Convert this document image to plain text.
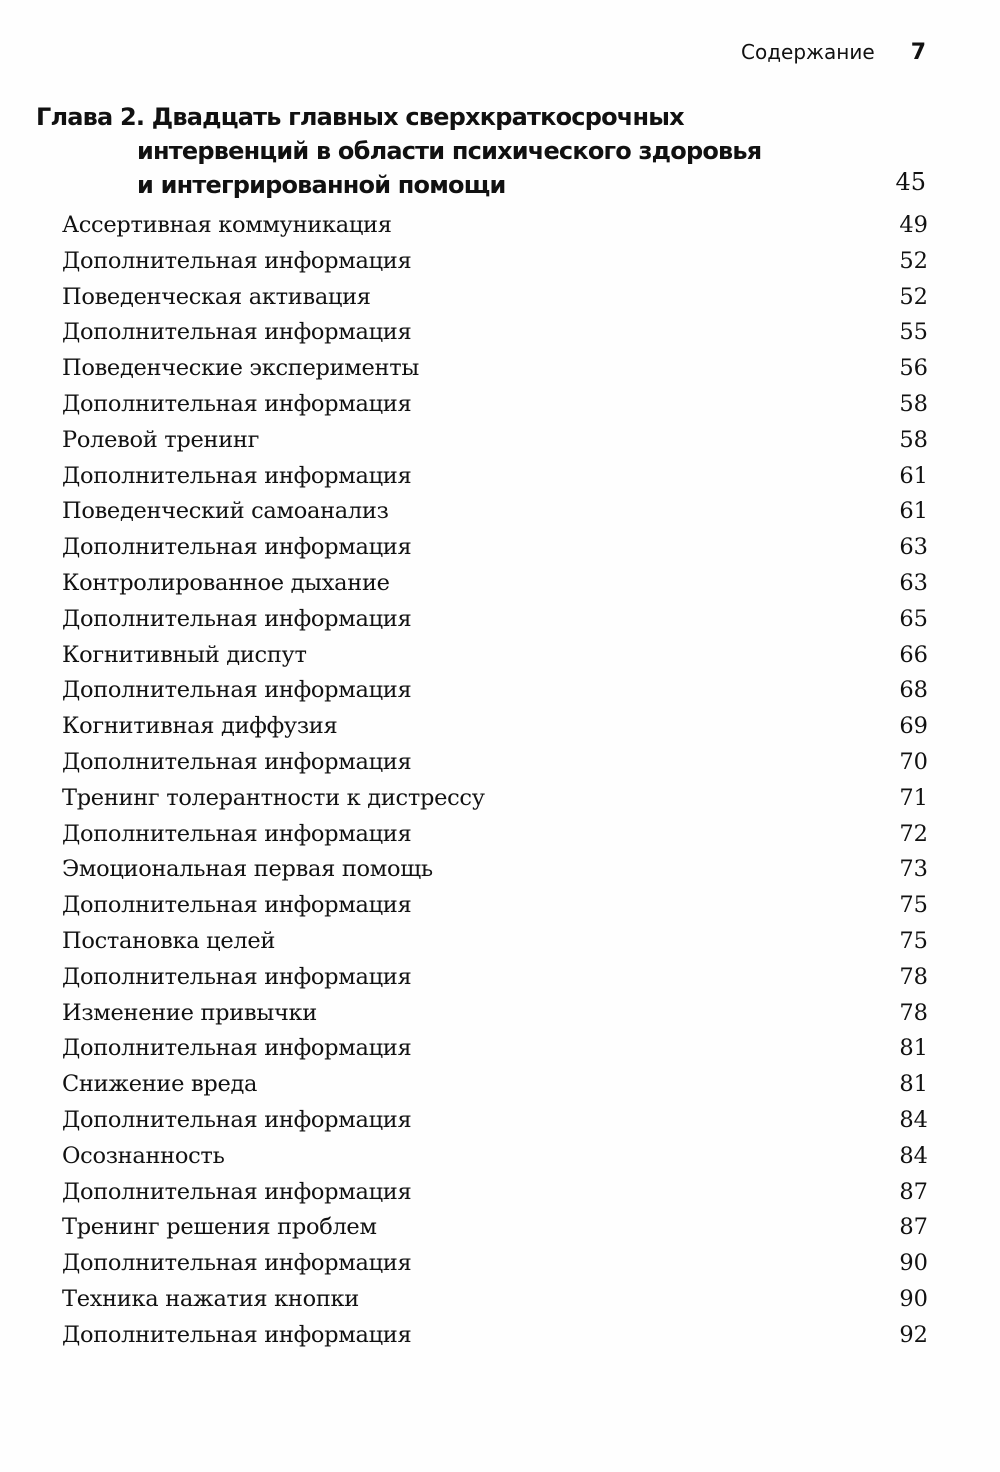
Содержание 7
Глава 2. Двадцать главных сверхкраткосрочных
интервенций в области психического здоровья
и интегрированной помощи	45
Ассертивная коммуникация	49
Дополнительная информация	52
Поведенческая активация	52
Дополнительная информация	55
Поведенческие эксперименты	56
Дополнительная информация	58
Ролевой тренинг	58
Дополнительная информация	61
Поведенческий самоанализ	61
Дополнительная информация	63
Контролированное дыхание	63
Дополнительная информация	65
Когнитивный диспут	66
Дополнительная информация	68
Когнитивная диффузия	69
Дополнительная информация	70
Тренинг толерантности к дистрессу	71
Дополнительная информация	72
Эмоциональная первая помощь	73
Дополнительная информация	75
Постановка целей	75
Дополнительная информация	78
Изменение привычки	78
Дополнительная информация	81
Снижение вреда	81
Дополнительная информация	84
Осознанность	84
Дополнительная информация	87
Тренинг решения проблем	87
Дополнительная информация	90
Техника нажатия кнопки	90
Дополнительная информация	92
